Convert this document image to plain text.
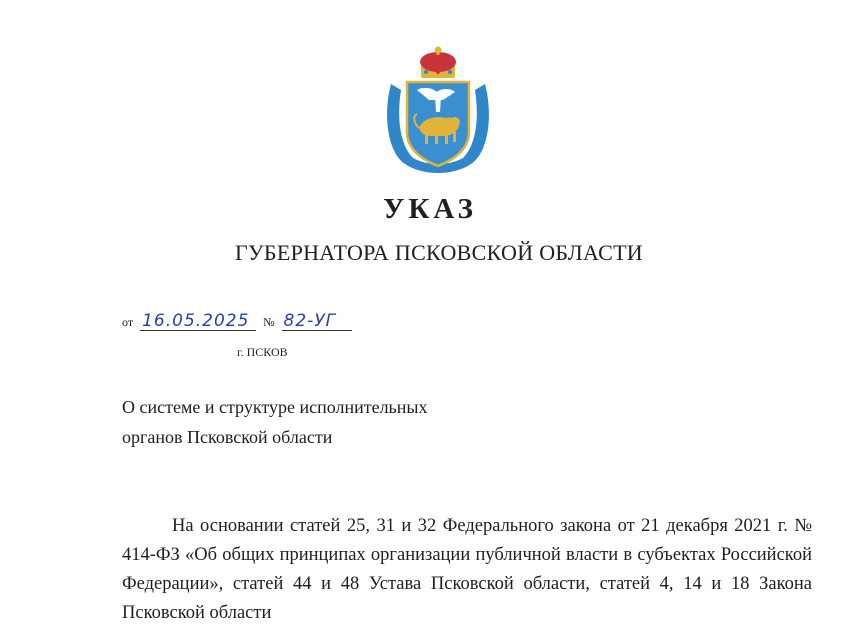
УКАЗ
ГУБЕРНАТОРА ПСКОВСКОЙ ОБЛАСТИ
от 16.05.2025 № 82-УГ
г. ПСКОВ
О системе и структуре исполнительных
органов Псковской области

На основании статей 25, 31 и 32 Федерального закона от 21 декабря 2021 г. № 414-ФЗ «Об общих принципах организации публичной власти в субъектах Российской Федерации», статей 44 и 48 Устава Псковской области, статей 4, 14 и 18 Закона Псковской области
